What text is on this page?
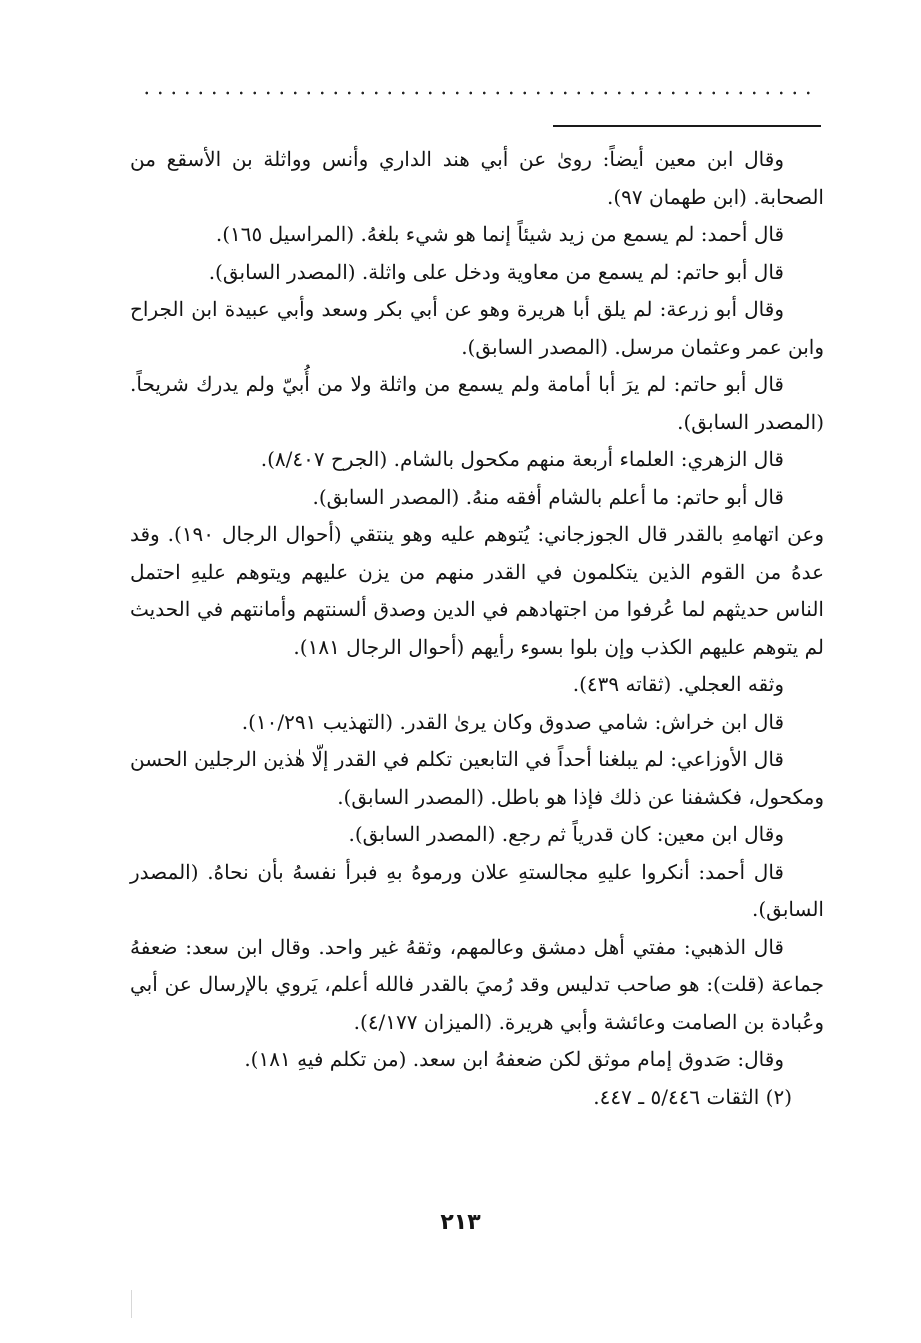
وقال ابن معين أيضاً: روىٰ عن أبي هند الداري وأنس وواثلة بن الأسقع من الصحابة. (ابن طهمان ٩٧).

قال أحمد: لم يسمع من زيد شيئاً إنما هو شيء بلغهُ. (المراسيل ١٦٥).

قال أبو حاتم: لم يسمع من معاوية ودخل على واثلة. (المصدر السابق).

وقال أبو زرعة: لم يلق أبا هريرة وهو عن أبي بكر وسعد وأبي عبيدة ابن الجراح وابن عمر وعثمان مرسل. (المصدر السابق).

قال أبو حاتم: لم يرَ أبا أمامة ولم يسمع من واثلة ولا من أُبيّ ولم يدرك شريحاً. (المصدر السابق).

قال الزهري: العلماء أربعة منهم مكحول بالشام. (الجرح ٨/٤٠٧).

قال أبو حاتم: ما أعلم بالشام أفقه منهُ. (المصدر السابق).

وعن اتهامهِ بالقدر قال الجوزجاني: يُتوهم عليه وهو ينتقي (أحوال الرجال ١٩٠). وقد عدهُ من القوم الذين يتكلمون في القدر منهم من يزن عليهم ويتوهم عليهِ احتمل الناس حديثهم لما عُرفوا من اجتهادهم في الدين وصدق ألسنتهم وأمانتهم في الحديث لم يتوهم عليهم الكذب وإن بلوا بسوء رأيهم (أحوال الرجال ١٨١).

وثقه العجلي. (ثقاته ٤٣٩).

قال ابن خراش: شامي صدوق وكان يرىٰ القدر. (التهذيب ١٠/٢٩١).

قال الأوزاعي: لم يبلغنا أحداً في التابعين تكلم في القدر إلّا هٰذين الرجلين الحسن ومكحول، فكشفنا عن ذلك فإذا هو باطل. (المصدر السابق).

وقال ابن معين: كان قدرياً ثم رجع. (المصدر السابق).

قال أحمد: أنكروا عليهِ مجالستهِ علان ورموهُ بهِ فبرأ نفسهُ بأن نحاهُ. (المصدر السابق).

قال الذهبي: مفتي أهل دمشق وعالمهم، وثقهُ غير واحد. وقال ابن سعد: ضعفهُ جماعة (قلت): هو صاحب تدليس وقد رُميَ بالقدر فالله أعلم، يَروي بالإرسال عن أبي وعُبادة بن الصامت وعائشة وأبي هريرة. (الميزان ٤/١٧٧).

وقال: صَدوق إمام موثق لكن ضعفهُ ابن سعد. (من تكلم فيهِ ١٨١).

(٢) الثقات ٥/٤٤٦ ـ ٤٤٧.

٢١٣
